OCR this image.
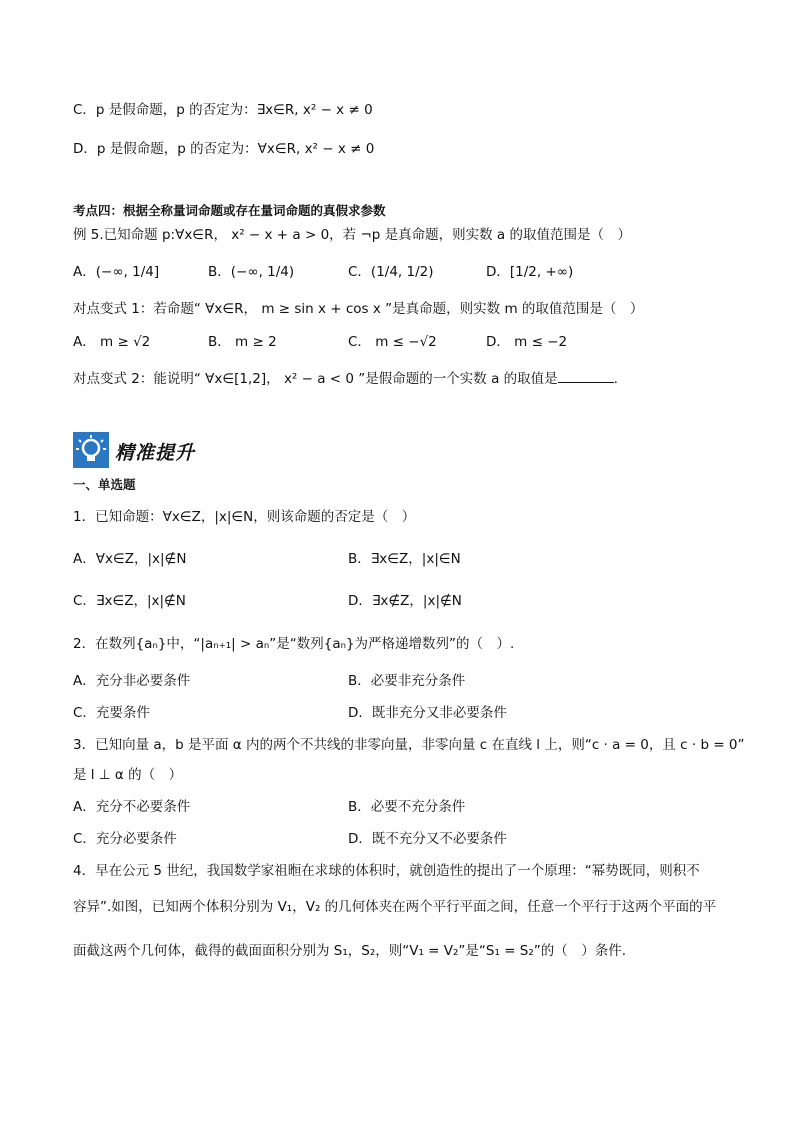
C．p 是假命题，p 的否定为：∃x∈R, x² − x ≠ 0
D．p 是假命题，p 的否定为：∀x∈R, x² − x ≠ 0
考点四：根据全称量词命题或存在量词命题的真假求参数
例 5.已知命题 p:∀x∈R， x² − x + a > 0，若 ¬p 是真命题，则实数 a 的取值范围是（　）
A．(−∞, 1/4]	B．(−∞, 1/4)	C．(1/4, 1/2)	D．[1/2, +∞)
对点变式 1：若命题“ ∀x∈R， m ≥ sin x + cos x ”是真命题，则实数 m 的取值范围是（　）
A． m ≥ √2	B． m ≥ 2	C． m ≤ −√2	D． m ≤ −2
对点变式 2：能说明“ ∀x∈[1,2]， x² − a < 0 ”是假命题的一个实数 a 的取值是	.
精准提升
一、单选题
1．已知命题：∀x∈Z，|x|∈N，则该命题的否定是（　）
A．∀x∈Z，|x|∉N	B．∃x∈Z，|x|∈N
C．∃x∈Z，|x|∉N	D．∃x∉Z，|x|∉N
2．在数列{aₙ}中，“|aₙ₊₁| > aₙ”是“数列{aₙ}为严格递增数列”的（　）.
A．充分非必要条件	B．必要非充分条件
C．充要条件	D．既非充分又非必要条件
3．已知向量 a，b 是平面 α 内的两个不共线的非零向量，非零向量 c 在直线 l 上，则“c · a = 0，且 c · b = 0”
是 l ⊥ α 的（　）
A．充分不必要条件	B．必要不充分条件
C．充分必要条件	D．既不充分又不必要条件
4．早在公元 5 世纪，我国数学家祖暅在求球的体积时，就创造性的提出了一个原理：“幂势既同，则积不
容异”.如图，已知两个体积分别为 V₁，V₂ 的几何体夹在两个平行平面之间，任意一个平行于这两个平面的平
面截这两个几何体，截得的截面面积分别为 S₁，S₂，则“V₁ = V₂”是“S₁ = S₂”的（　）条件.
